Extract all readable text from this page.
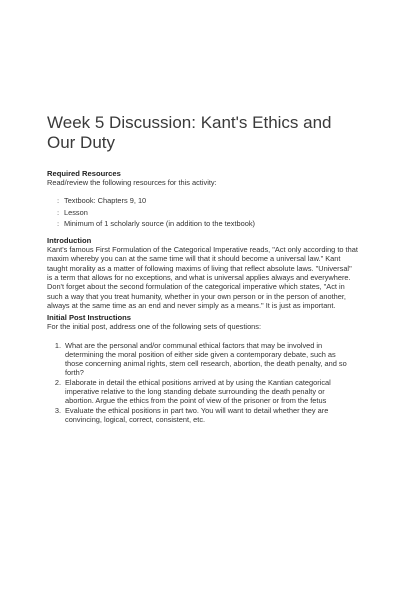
Week 5 Discussion: Kant's Ethics and Our Duty

Required Resources

Read/review the following resources for this activity:

:: Textbook: Chapters 9, 10
:: Lesson
:: Minimum of 1 scholarly source (in addition to the textbook)

Introduction

Kant's famous First Formulation of the Categorical Imperative reads, "Act only according to that maxim whereby you can at the same time will that it should become a universal law." Kant taught morality as a matter of following maxims of living that reflect absolute laws. "Universal" is a term that allows for no exceptions, and what is universal applies always and everywhere. Don't forget about the second formulation of the categorical imperative which states, "Act in such a way that you treat humanity, whether in your own person or in the person of another, always at the same time as an end and never simply as a means." It is just as important.

Initial Post Instructions

For the initial post, address one of the following sets of questions:

1. What are the personal and/or communal ethical factors that may be involved in determining the moral position of either side given a contemporary debate, such as those concerning animal rights, stem cell research, abortion, the death penalty, and so forth?
2. Elaborate in detail the ethical positions arrived at by using the Kantian categorical imperative relative to the long standing debate surrounding the death penalty or abortion. Argue the ethics from the point of view of the prisoner or from the fetus
3. Evaluate the ethical positions in part two. You will want to detail whether they are convincing, logical, correct, consistent, etc.
